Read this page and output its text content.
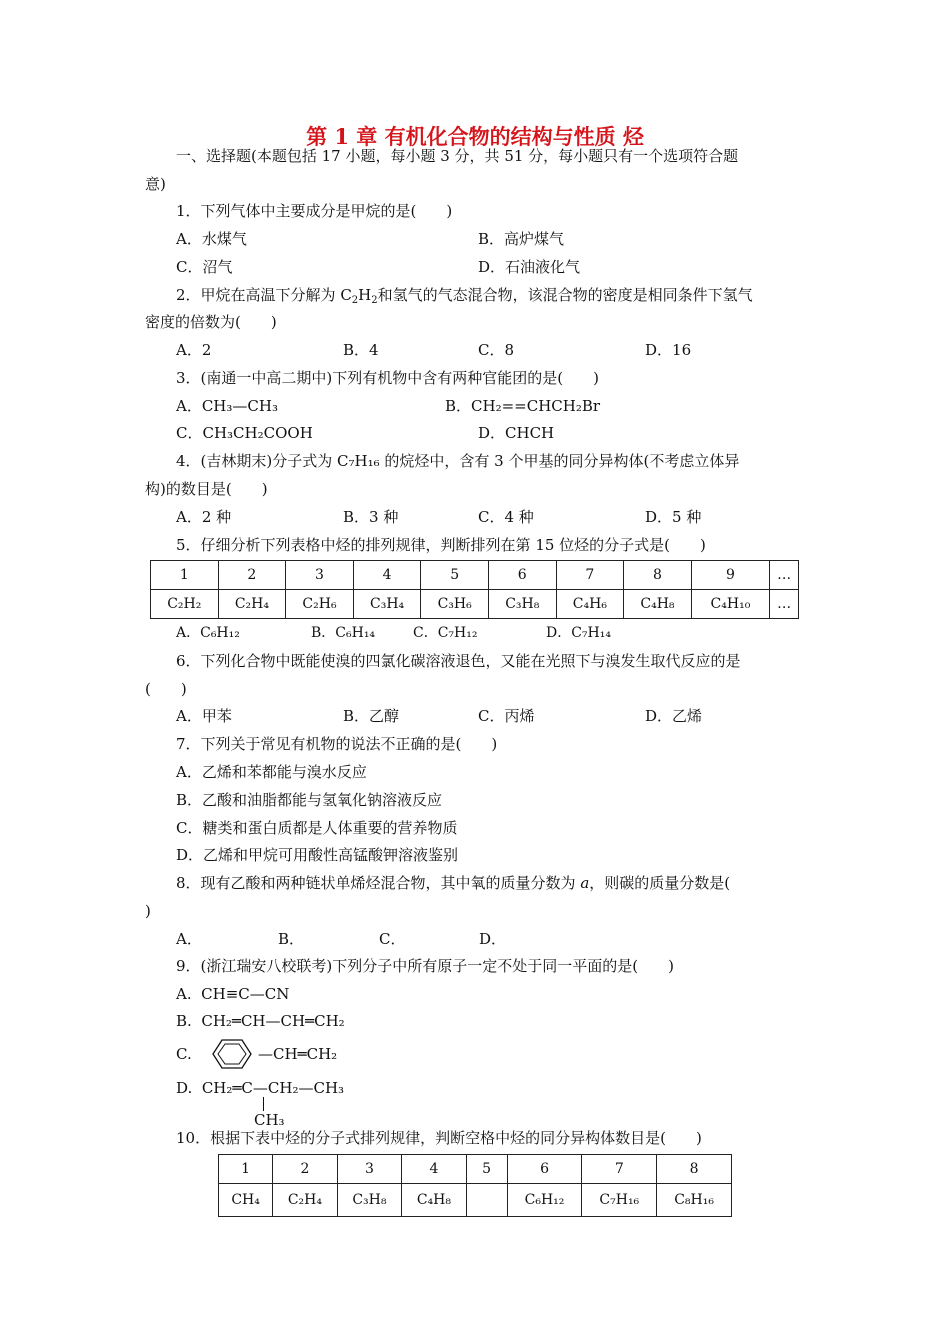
第 1 章 有机化合物的结构与性质 烃
一、选择题(本题包括 17 小题，每小题 3 分，共 51 分，每小题只有一个选项符合题
意)
1．下列气体中主要成分是甲烷的是(　　)
A．水煤气	B．高炉煤气
C．沼气	D．石油液化气
2．甲烷在高温下分解为 $C_2H_2$和氢气的气态混合物，该混合物的密度是相同条件下氢气
密度的倍数为(　　)
A．2	B．4	C．8	D．16
3．(南通一中高二期中)下列有机物中含有两种官能团的是(　　)
A．CH₃—CH₃	B．CH₂==CHCH₂Br
C．CH₃CH₂COOH	D．CHCH
4．(吉林期末)分子式为 C₇H₁₆ 的烷烃中，含有 3 个甲基的同分异构体(不考虑立体异
构)的数目是(　　)
A．2 种	B．3 种	C．4 种	D．5 种
5．仔细分析下列表格中烃的排列规律，判断排列在第 15 位烃的分子式是(　　)
1	2	3	4	5	6	7	8	9	…
C₂H₂	C₂H₄	C₂H₆	C₃H₄	C₃H₆	C₃H₈	C₄H₆	C₄H₈	C₄H₁₀	…
A．C₆H₁₂	B．C₆H₁₄	C．C₇H₁₂	D．C₇H₁₄
6．下列化合物中既能使溴的四氯化碳溶液退色，又能在光照下与溴发生取代反应的是
(　　)
A．甲苯	B．乙醇	C．丙烯	D．乙烯
7．下列关于常见有机物的说法不正确的是(　　)
A．乙烯和苯都能与溴水反应
B．乙酸和油脂都能与氢氧化钠溶液反应
C．糖类和蛋白质都是人体重要的营养物质
D．乙烯和甲烷可用酸性高锰酸钾溶液鉴别
8．现有乙酸和两种链状单烯烃混合物，其中氧的质量分数为 a，则碳的质量分数是(
)
A．	B．	C．	D．
9．(浙江瑞安八校联考)下列分子中所有原子一定不处于同一平面的是(　　)
A. CH≡C—CN
B. CH₂═CH—CH═CH₂
C.	—CH═CH₂
D. CH₂═C—CH₂—CH₃
CH₃
10．根据下表中烃的分子式排列规律，判断空格中烃的同分异构体数目是(　　)
1	2	3	4	5	6	7	8
CH₄	C₂H₄	C₃H₈	C₄H₈		C₆H₁₂	C₇H₁₆	C₈H₁₆
